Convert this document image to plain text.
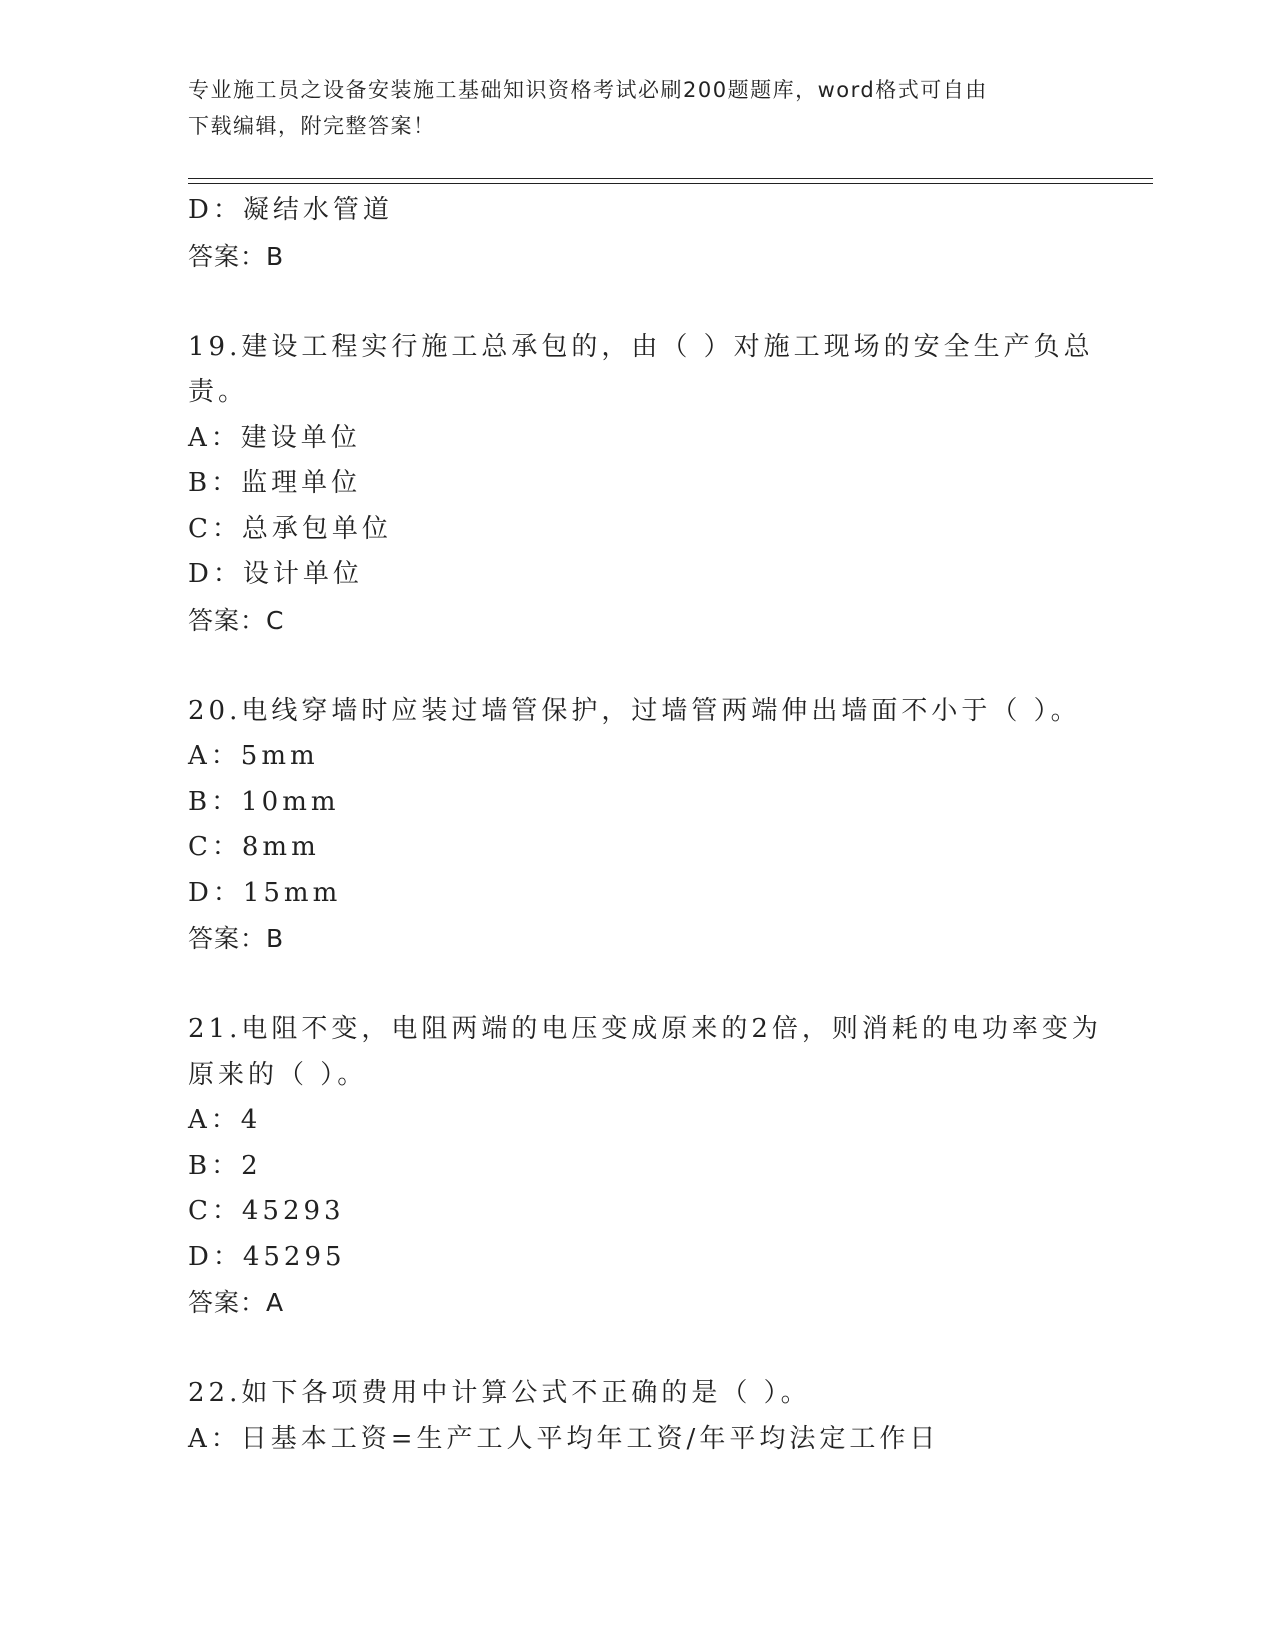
专业施工员之设备安装施工基础知识资格考试必刷200题题库，word格式可自由
下载编辑，附完整答案！
D：凝结水管道
答案：B
19.建设工程实行施工总承包的，由（ ）对施工现场的安全生产负总
责。
A：建设单位
B：监理单位
C：总承包单位
D：设计单位
答案：C
20.电线穿墙时应装过墙管保护，过墙管两端伸出墙面不小于（ ）。
A：5mm
B：10mm
C：8mm
D：15mm
答案：B
21.电阻不变，电阻两端的电压变成原来的2倍，则消耗的电功率变为
原来的（ ）。
A：4
B：2
C：45293
D：45295
答案：A
22.如下各项费用中计算公式不正确的是（ ）。
A：日基本工资=生产工人平均年工资/年平均法定工作日
